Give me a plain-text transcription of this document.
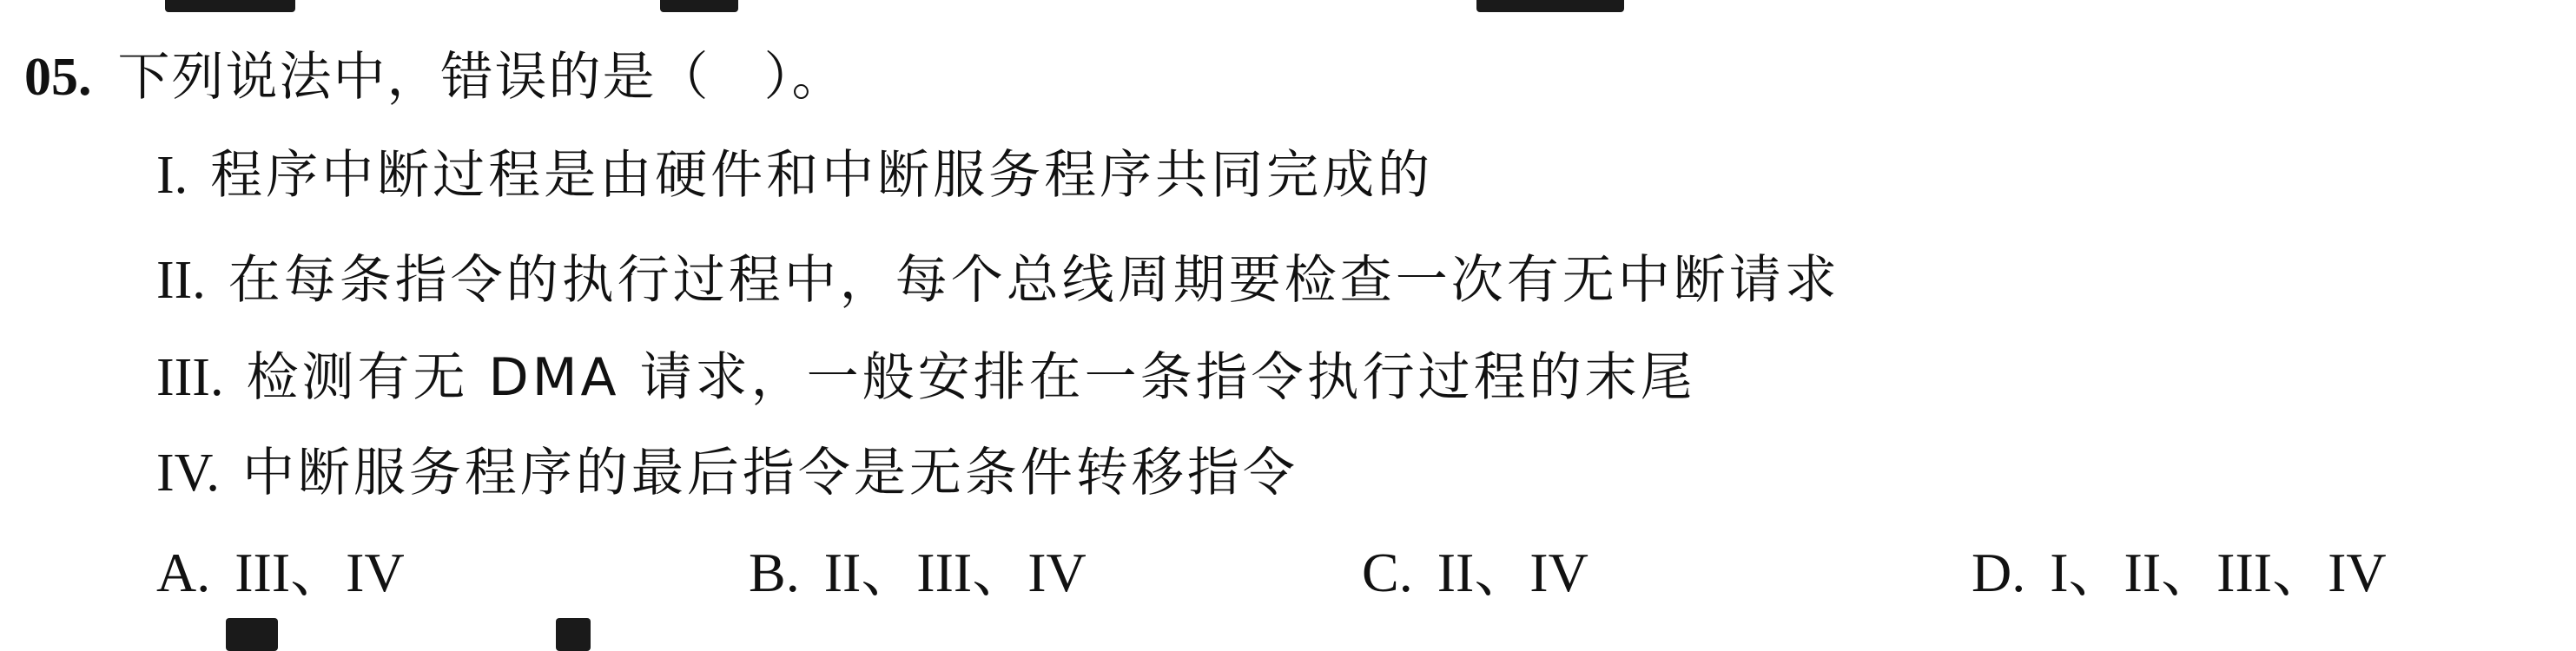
05. 下列说法中，错误的是（　）。
I. 程序中断过程是由硬件和中断服务程序共同完成的
II. 在每条指令的执行过程中，每个总线周期要检查一次有无中断请求
III. 检测有无 DMA 请求，一般安排在一条指令执行过程的末尾
IV. 中断服务程序的最后指令是无条件转移指令
A. III、IV	B. II、III、IV	C. II、IV	D. I、II、III、IV
